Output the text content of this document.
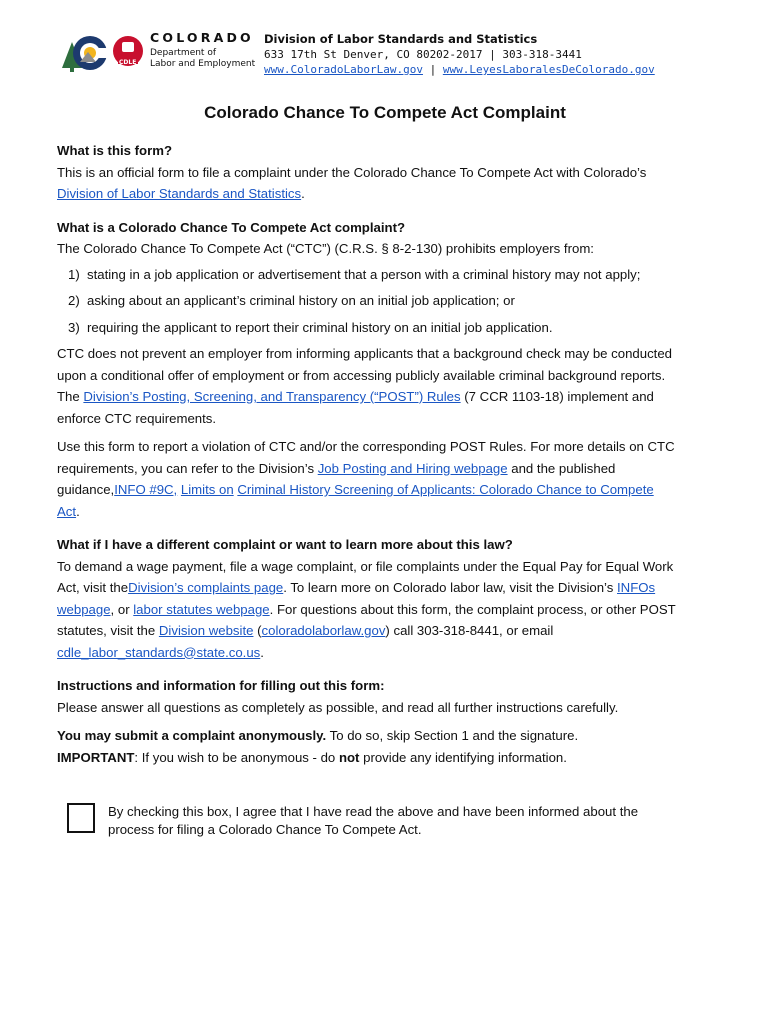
CDLE
COLORADO
Department of
Labor and Employment
Division of Labor Standards and Statistics
633 17th St Denver, CO 80202-2017 | 303-318-3441
www.ColoradoLaborLaw.gov | www.LeyesLaboralesDeColorado.gov
Colorado Chance To Compete Act Complaint

What is this form?

This is an official form to file a complaint under the Colorado Chance To Compete Act with Colorado’s Division of Labor Standards and Statistics.

What is a Colorado Chance To Compete Act complaint?

The Colorado Chance To Compete Act (“CTC”) (C.R.S. § 8-2-130) prohibits employers from:

1) stating in a job application or advertisement that a person with a criminal history may not apply;
2) asking about an applicant’s criminal history on an initial job application; or
3) requiring the applicant to report their criminal history on an initial job application.

CTC does not prevent an employer from informing applicants that a background check may be conducted upon a conditional offer of employment or from accessing publicly available criminal background reports. The Division’s Posting, Screening, and Transparency (“POST”) Rules (7 CCR 1103-18) implement and enforce CTC requirements.

Use this form to report a violation of CTC and/or the corresponding POST Rules. For more details on CTC requirements, you can refer to the Division’s Job Posting and Hiring webpage and the published guidance,INFO #9C, Limits on Criminal History Screening of Applicants: Colorado Chance to Compete Act.

What if I have a different complaint or want to learn more about this law?

To demand a wage payment, file a wage complaint, or file complaints under the Equal Pay for Equal Work Act, visit theDivision’s complaints page. To learn more on Colorado labor law, visit the Division’s INFOs webpage, or labor statutes webpage. For questions about this form, the complaint process, or other POST statutes, visit the Division website (coloradolaborlaw.gov) call 303-318-8441, or email cdle_labor_standards@state.co.us.

Instructions and information for filling out this form:

Please answer all questions as completely as possible, and read all further instructions carefully.

You may submit a complaint anonymously. To do so, skip Section 1 and the signature.

IMPORTANT: If you wish to be anonymous - do not provide any identifying information.

By checking this box, I agree that I have read the above and have been informed about the process for filing a Colorado Chance To Compete Act.
